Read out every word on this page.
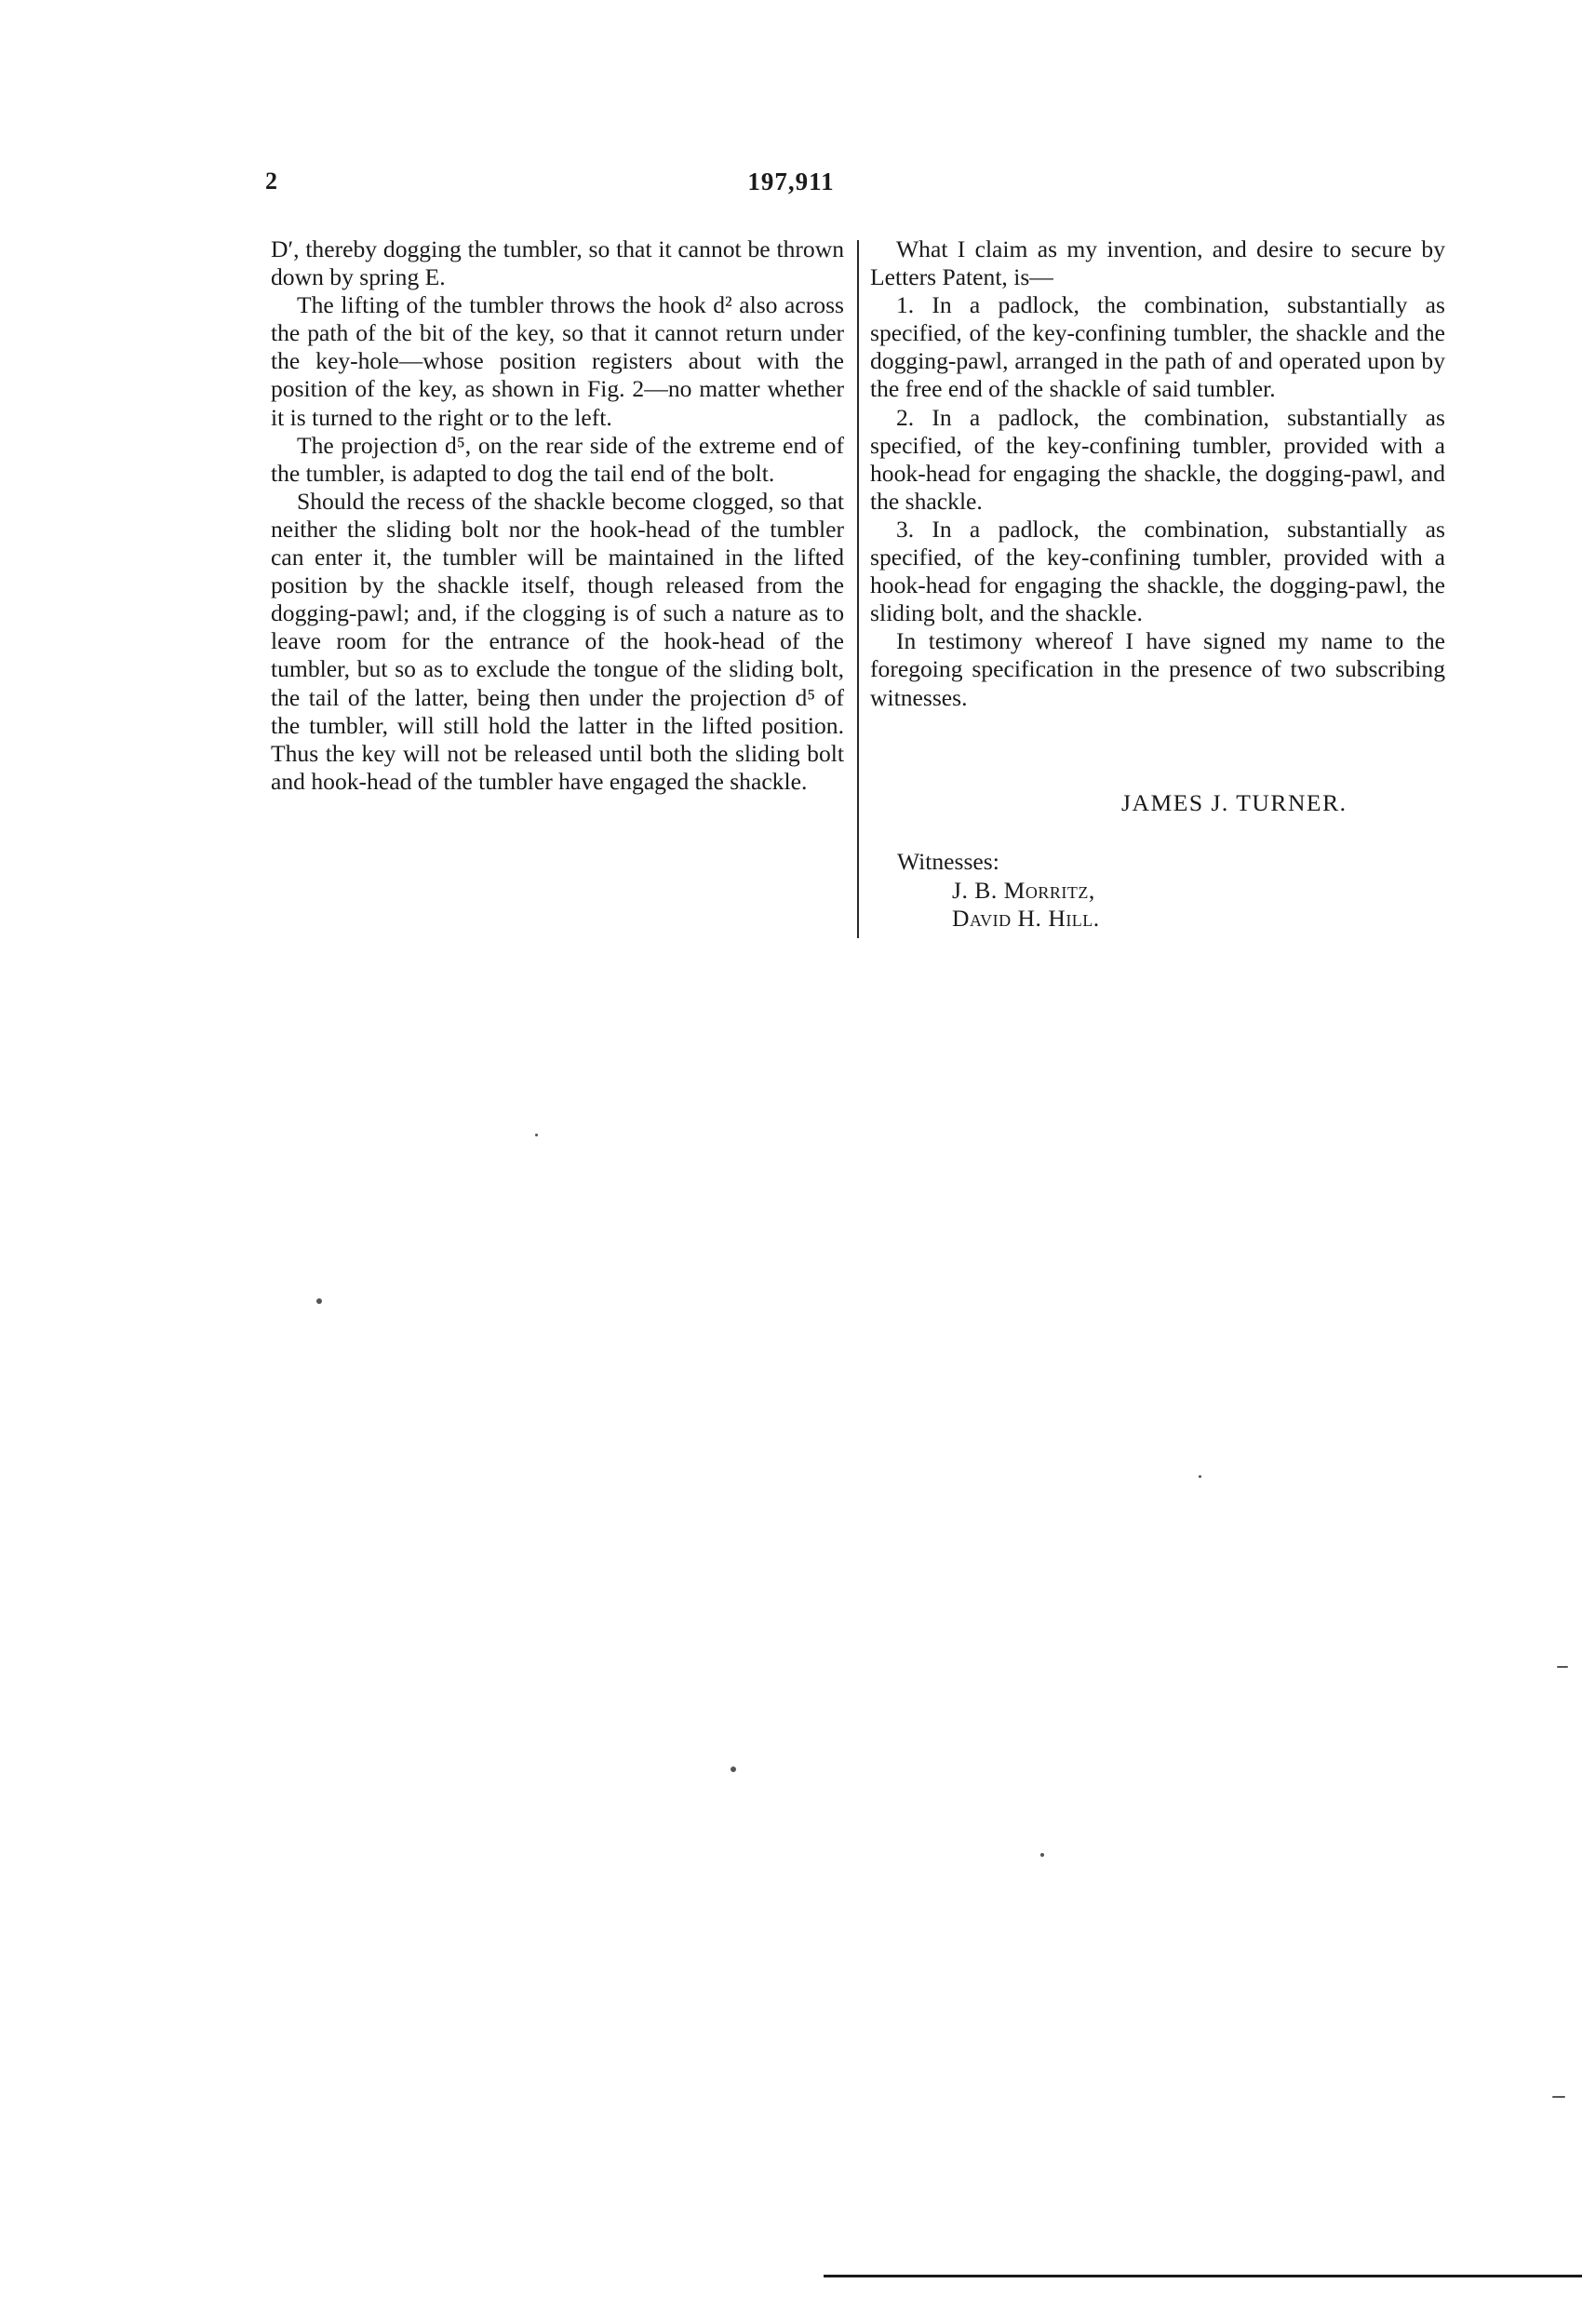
2	197,911

D′, thereby dogging the tumbler, so that it cannot be thrown down by spring E.

The lifting of the tumbler throws the hook d² also across the path of the bit of the key, so that it cannot return under the key-hole—whose position registers about with the position of the key, as shown in Fig. 2—no matter whether it is turned to the right or to the left.

The projection d⁵, on the rear side of the extreme end of the tumbler, is adapted to dog the tail end of the bolt.

Should the recess of the shackle become clogged, so that neither the sliding bolt nor the hook-head of the tumbler can enter it, the tumbler will be maintained in the lifted position by the shackle itself, though released from the dogging-pawl; and, if the clogging is of such a nature as to leave room for the entrance of the hook-head of the tumbler, but so as to exclude the tongue of the sliding bolt, the tail of the latter, being then under the projection d⁵ of the tumbler, will still hold the latter in the lifted position. Thus the key will not be released until both the sliding bolt and hook-head of the tumbler have engaged the shackle.

What I claim as my invention, and desire to secure by Letters Patent, is—

1. In a padlock, the combination, substantially as specified, of the key-confining tumbler, the shackle and the dogging-pawl, arranged in the path of and operated upon by the free end of the shackle of said tumbler.

2. In a padlock, the combination, substantially as specified, of the key-confining tumbler, provided with a hook-head for engaging the shackle, the dogging-pawl, and the shackle.

3. In a padlock, the combination, substantially as specified, of the key-confining tumbler, provided with a hook-head for engaging the shackle, the dogging-pawl, the sliding bolt, and the shackle.

In testimony whereof I have signed my name to the foregoing specification in the presence of two subscribing witnesses.

JAMES J. TURNER.
Witnesses:
J. B. Morritz,
David H. Hill.
